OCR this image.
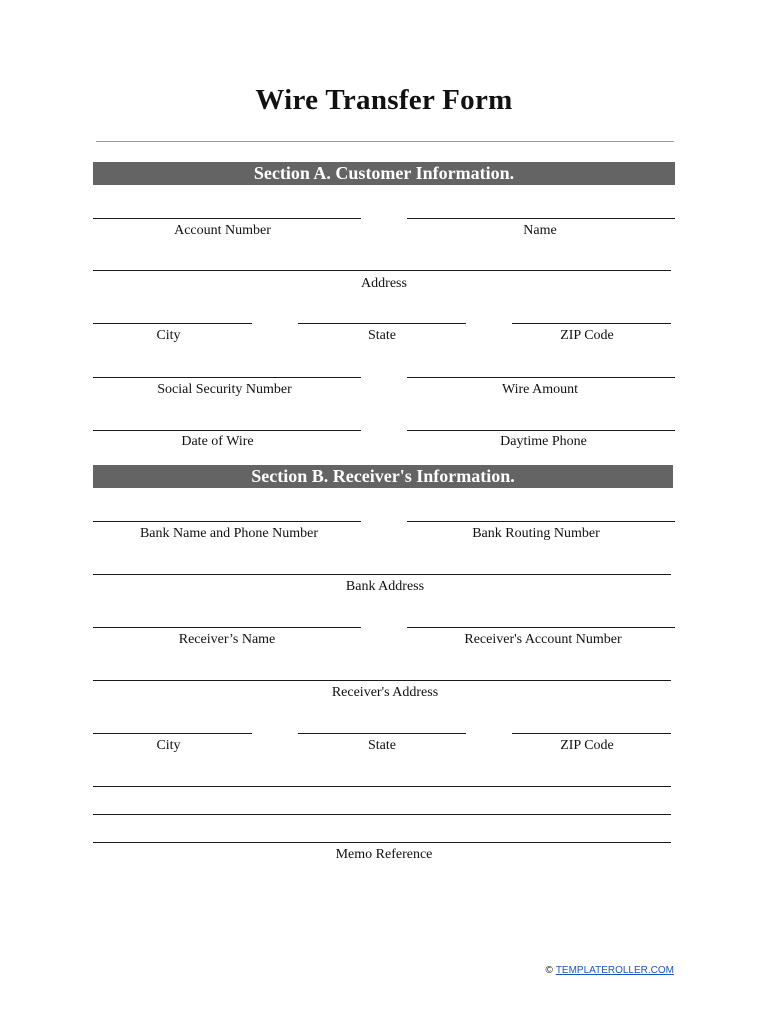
Wire Transfer Form
Section A. Customer Information.
Account Number	Name
Address
City	State	ZIP Code
Social Security Number	Wire Amount
Date of Wire	Daytime Phone
Section B. Receiver's Information.
Bank Name and Phone Number	Bank Routing Number
Bank Address
Receiver’s Name	Receiver's Account Number
Receiver's Address
City	State	ZIP Code
Memo Reference
© TEMPLATEROLLER.COM
